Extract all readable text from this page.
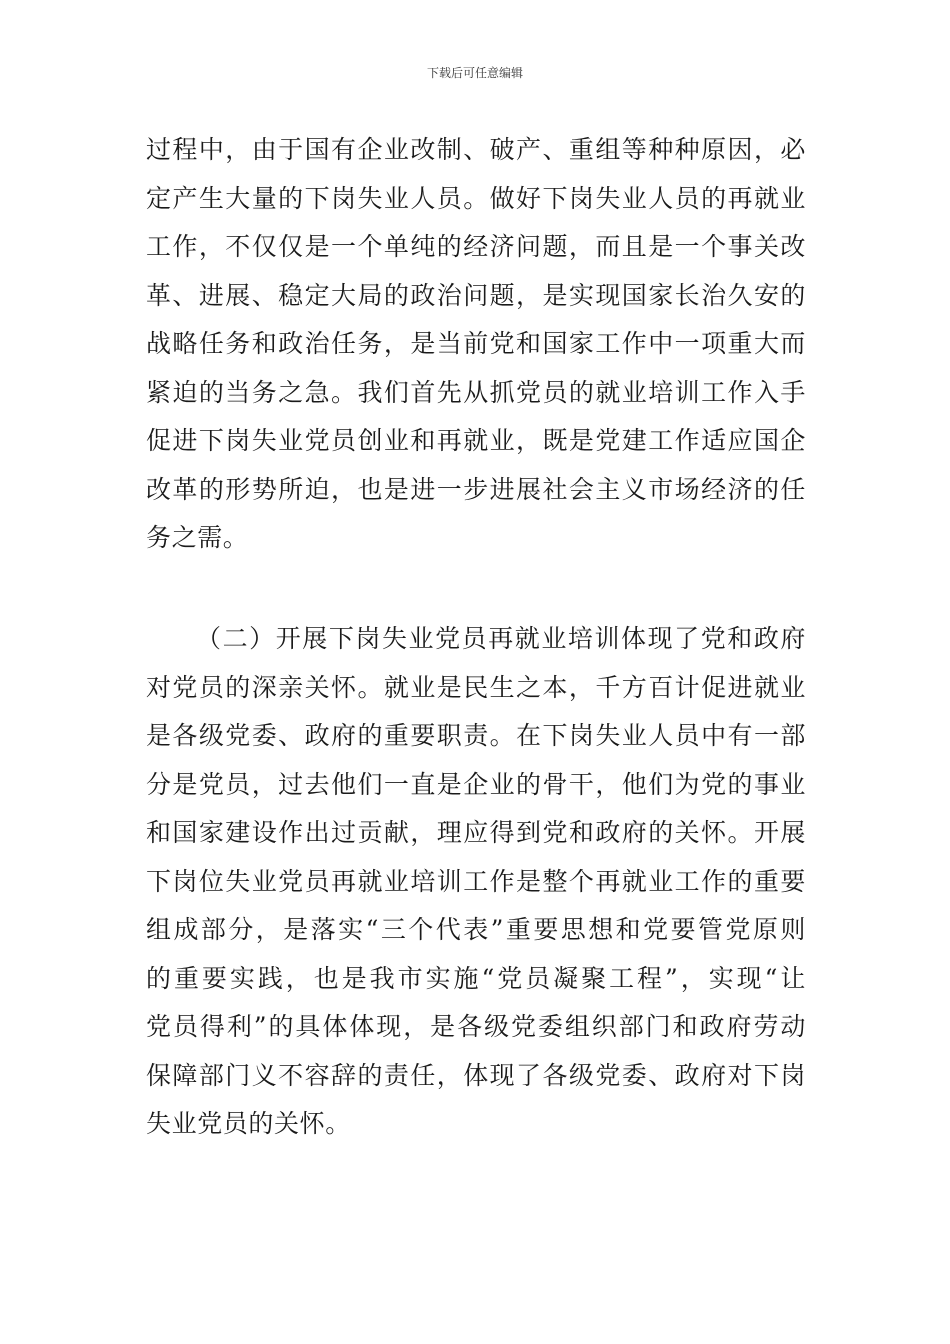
下载后可任意编辑
过程中，由于国有企业改制、破产、重组等种种原因，必
定产生大量的下岗失业人员。做好下岗失业人员的再就业
工作，不仅仅是一个单纯的经济问题，而且是一个事关改
革、进展、稳定大局的政治问题，是实现国家长治久安的
战略任务和政治任务，是当前党和国家工作中一项重大而
紧迫的当务之急。我们首先从抓党员的就业培训工作入手
促进下岗失业党员创业和再就业，既是党建工作适应国企
改革的形势所迫，也是进一步进展社会主义市场经济的任
务之需。
（二）开展下岗失业党员再就业培训体现了党和政府
对党员的深亲关怀。就业是民生之本，千方百计促进就业
是各级党委、政府的重要职责。在下岗失业人员中有一部
分是党员，过去他们一直是企业的骨干，他们为党的事业
和国家建设作出过贡献，理应得到党和政府的关怀。开展
下岗位失业党员再就业培训工作是整个再就业工作的重要
组成部分，是落实“三个代表”重要思想和党要管党原则
的重要实践，也是我市实施“党员凝聚工程”，实现“让
党员得利”的具体体现，是各级党委组织部门和政府劳动
保障部门义不容辞的责任，体现了各级党委、政府对下岗
失业党员的关怀。
